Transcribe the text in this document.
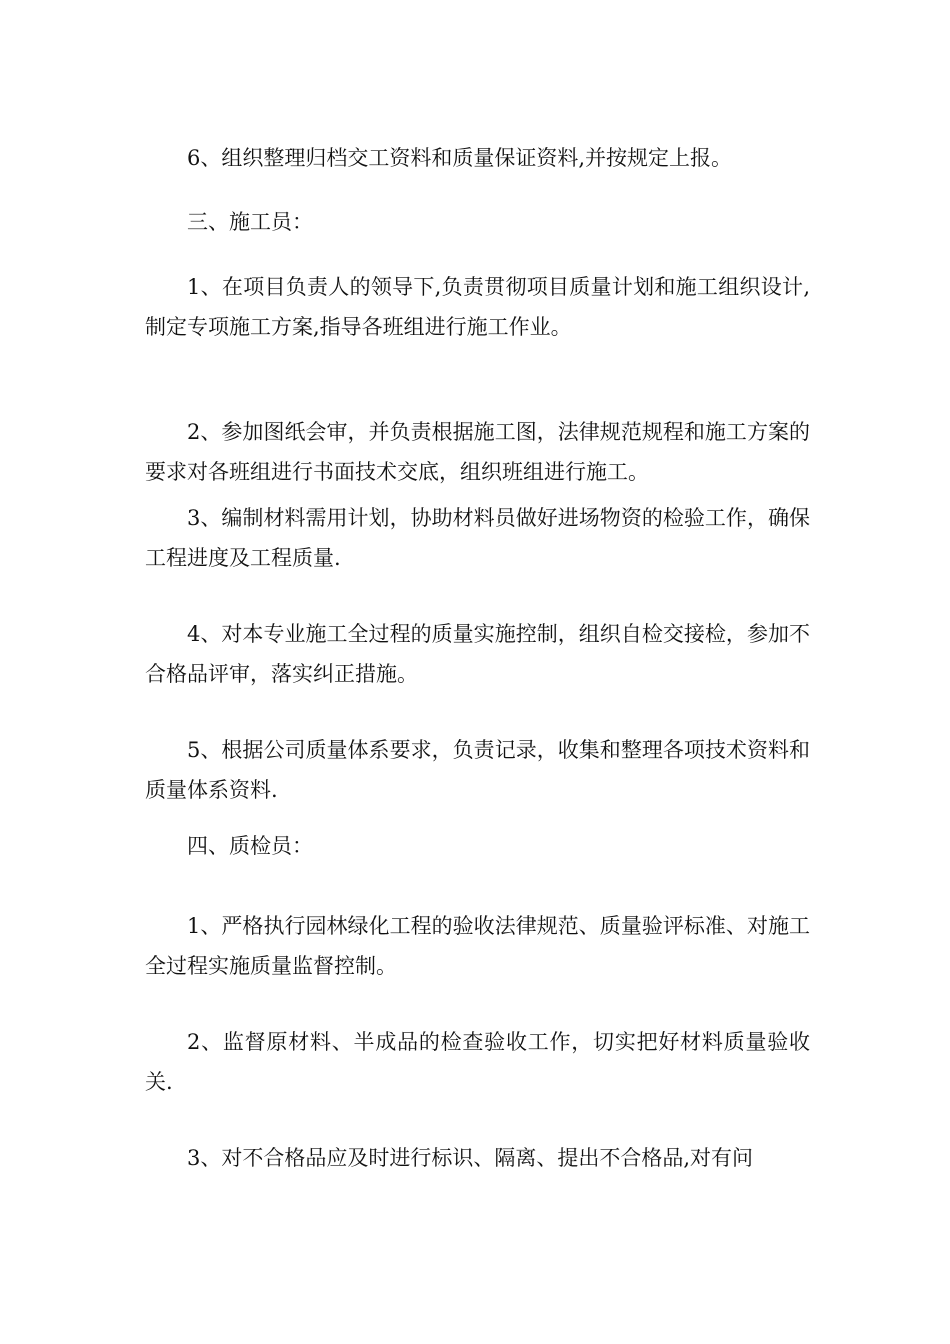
6、组织整理归档交工资料和质量保证资料,并按规定上报。

三、施工员：

1、在项目负责人的领导下,负责贯彻项目质量计划和施工组织设计,制定专项施工方案,指导各班组进行施工作业。

2、参加图纸会审，并负责根据施工图，法律规范规程和施工方案的要求对各班组进行书面技术交底，组织班组进行施工。

3、编制材料需用计划，协助材料员做好进场物资的检验工作，确保工程进度及工程质量.

4、对本专业施工全过程的质量实施控制，组织自检交接检，参加不合格品评审，落实纠正措施。

5、根据公司质量体系要求，负责记录，收集和整理各项技术资料和质量体系资料.

四、质检员：

1、严格执行园林绿化工程的验收法律规范、质量验评标准、对施工全过程实施质量监督控制。

2、监督原材料、半成品的检查验收工作，切实把好材料质量验收关.

3、对不合格品应及时进行标识、隔离、提出不合格品,对有问
